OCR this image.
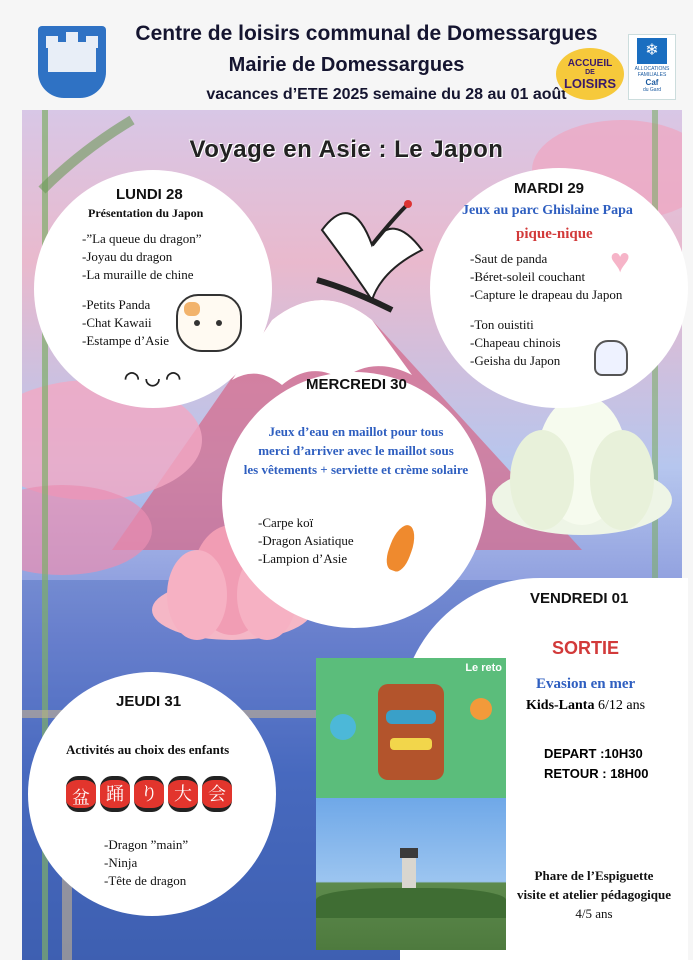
Centre de loisirs communal de Domessargues
Mairie de Domessargues
vacances d’ETE 2025 semaine du 28 au 01 août
ACCUEIL
DE
LOISIRS
❄
ALLOCATIONS
FAMILIALES
Caf
du Gard
Voyage en Asie : Le Japon
LUNDI 28
Présentation du Japon
-”La queue du dragon”
-Joyau du dragon
-La muraille de chine
-Petits Panda
-Chat Kawaii
-Estampe d’Asie
◠ ◡ ◠
MARDI 29
Jeux au parc Ghislaine Papa
pique-nique
-Saut de panda
-Béret-soleil couchant
-Capture le drapeau du Japon
-Ton ouistiti
-Chapeau chinois
-Geisha du Japon
♥
MERCREDI 30
Jeux d’eau en maillot pour tous
merci d’arriver avec le maillot sous
les vêtements + serviette et crème solaire
-Carpe koï
-Dragon Asiatique
-Lampion d’Asie
JEUDI 31
Activités au choix des enfants
盆 踊 り 大 会
-Dragon ”main”
-Ninja
-Tête de dragon
VENDREDI 01
SORTIE
Evasion en mer
Kids-Lanta 6/12 ans
DEPART :10H30
RETOUR : 18H00
Phare de l’Espiguette
visite et atelier pédagogique
4/5 ans
Le reto
